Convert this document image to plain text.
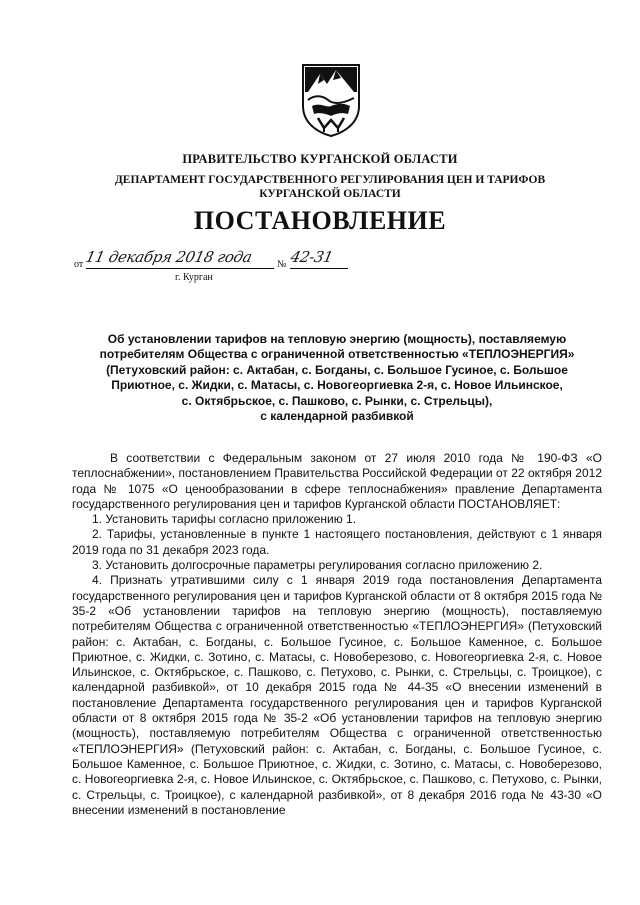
ПРАВИТЕЛЬСТВО КУРГАНСКОЙ ОБЛАСТИ
ДЕПАРТАМЕНТ ГОСУДАРСТВЕННОГО РЕГУЛИРОВАНИЯ ЦЕН И ТАРИФОВ
КУРГАНСКОЙ ОБЛАСТИ
ПОСТАНОВЛЕНИЕ
от 11 декабря 2018 года	№ 42-31
г. Курган
Об установлении тарифов на тепловую энергию (мощность), поставляемую
потребителям Общества с ограниченной ответственностью «ТЕПЛОЭНЕРГИЯ»
(Петуховский район: с. Актабан, с. Богданы, с. Большое Гусиное, с. Большое
Приютное, с. Жидки, с. Матасы, с. Новогеоргиевка 2-я, с. Новое Ильинское,
с. Октябрьское, с. Пашково, с. Рынки, с. Стрельцы),
с календарной разбивкой

В соответствии с Федеральным законом от 27 июля 2010 года № 190-ФЗ «О теплоснабжении», постановлением Правительства Российской Федерации от 22 октября 2012 года № 1075 «О ценообразовании в сфере теплоснабжения» правление Департамента государственного регулирования цен и тарифов Курганской области ПОСТАНОВЛЯЕТ:

1. Установить тарифы согласно приложению 1.

2. Тарифы, установленные в пункте 1 настоящего постановления, действуют с 1 января 2019 года по 31 декабря 2023 года.

3. Установить долгосрочные параметры регулирования согласно приложению 2.

4. Признать утратившими силу с 1 января 2019 года постановления Департамента государственного регулирования цен и тарифов Курганской области от 8 октября 2015 года № 35-2 «Об установлении тарифов на тепловую энергию (мощность), поставляемую потребителям Общества с ограниченной ответственностью «ТЕПЛОЭНЕРГИЯ» (Петуховский район: с. Актабан, с. Богданы, с. Большое Гусиное, с. Большое Каменное, с. Большое Приютное, с. Жидки, с. Зотино, с. Матасы, с. Новоберезово, с. Новогеоргиевка 2-я, с. Новое Ильинское, с. Октябрьское, с. Пашково, с. Петухово, с. Рынки, с. Стрельцы, с. Троицкое), с календарной разбивкой», от 10 декабря 2015 года № 44-35 «О внесении изменений в постановление Департамента государственного регулирования цен и тарифов Курганской области от 8 октября 2015 года № 35-2 «Об установлении тарифов на тепловую энергию (мощность), поставляемую потребителям Общества с ограниченной ответственностью «ТЕПЛОЭНЕРГИЯ» (Петуховский район: с. Актабан, с. Богданы, с. Большое Гусиное, с. Большое Каменное, с. Большое Приютное, с. Жидки, с. Зотино, с. Матасы, с. Новоберезово, с. Новогеоргиевка 2-я, с. Новое Ильинское, с. Октябрьское, с. Пашково, с. Петухово, с. Рынки, с. Стрельцы, с. Троицкое), с календарной разбивкой», от 8 декабря 2016 года № 43-30 «О внесении изменений в постановление
